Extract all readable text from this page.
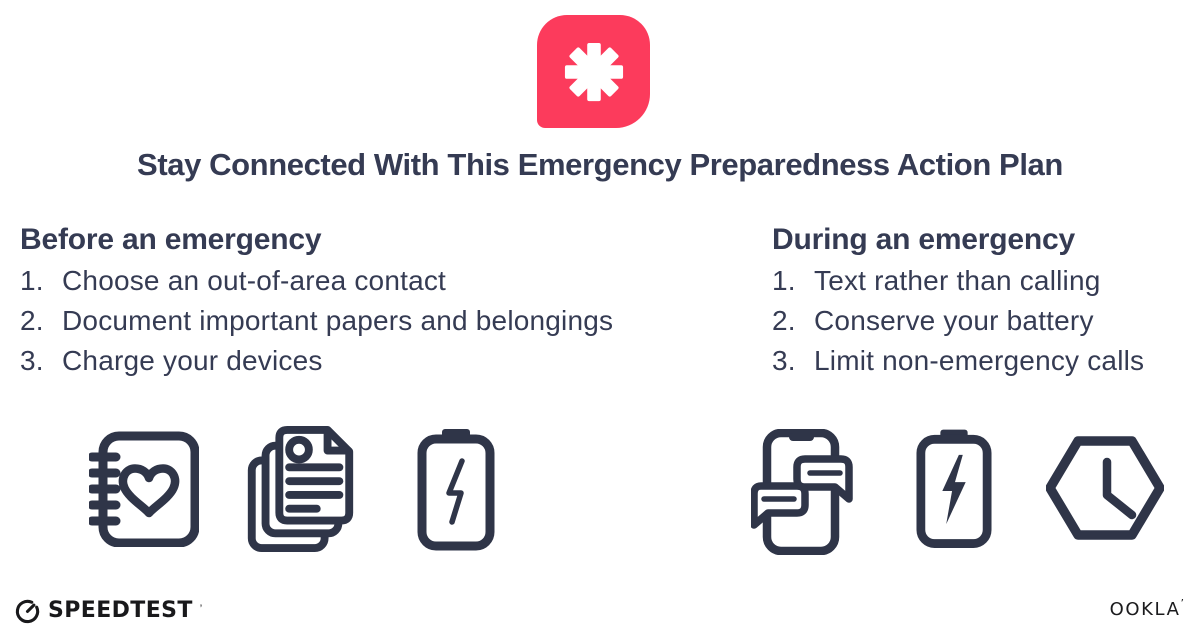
Stay Connected With This Emergency Preparedness Action Plan
Before an emergency
1. Choose an out-of-area contact
2. Document important papers and belongings
3. Charge your devices
During an emergency
1. Text rather than calling
2. Conserve your battery
3. Limit non-emergency calls
SPEEDTEST ’	OOKLA’
